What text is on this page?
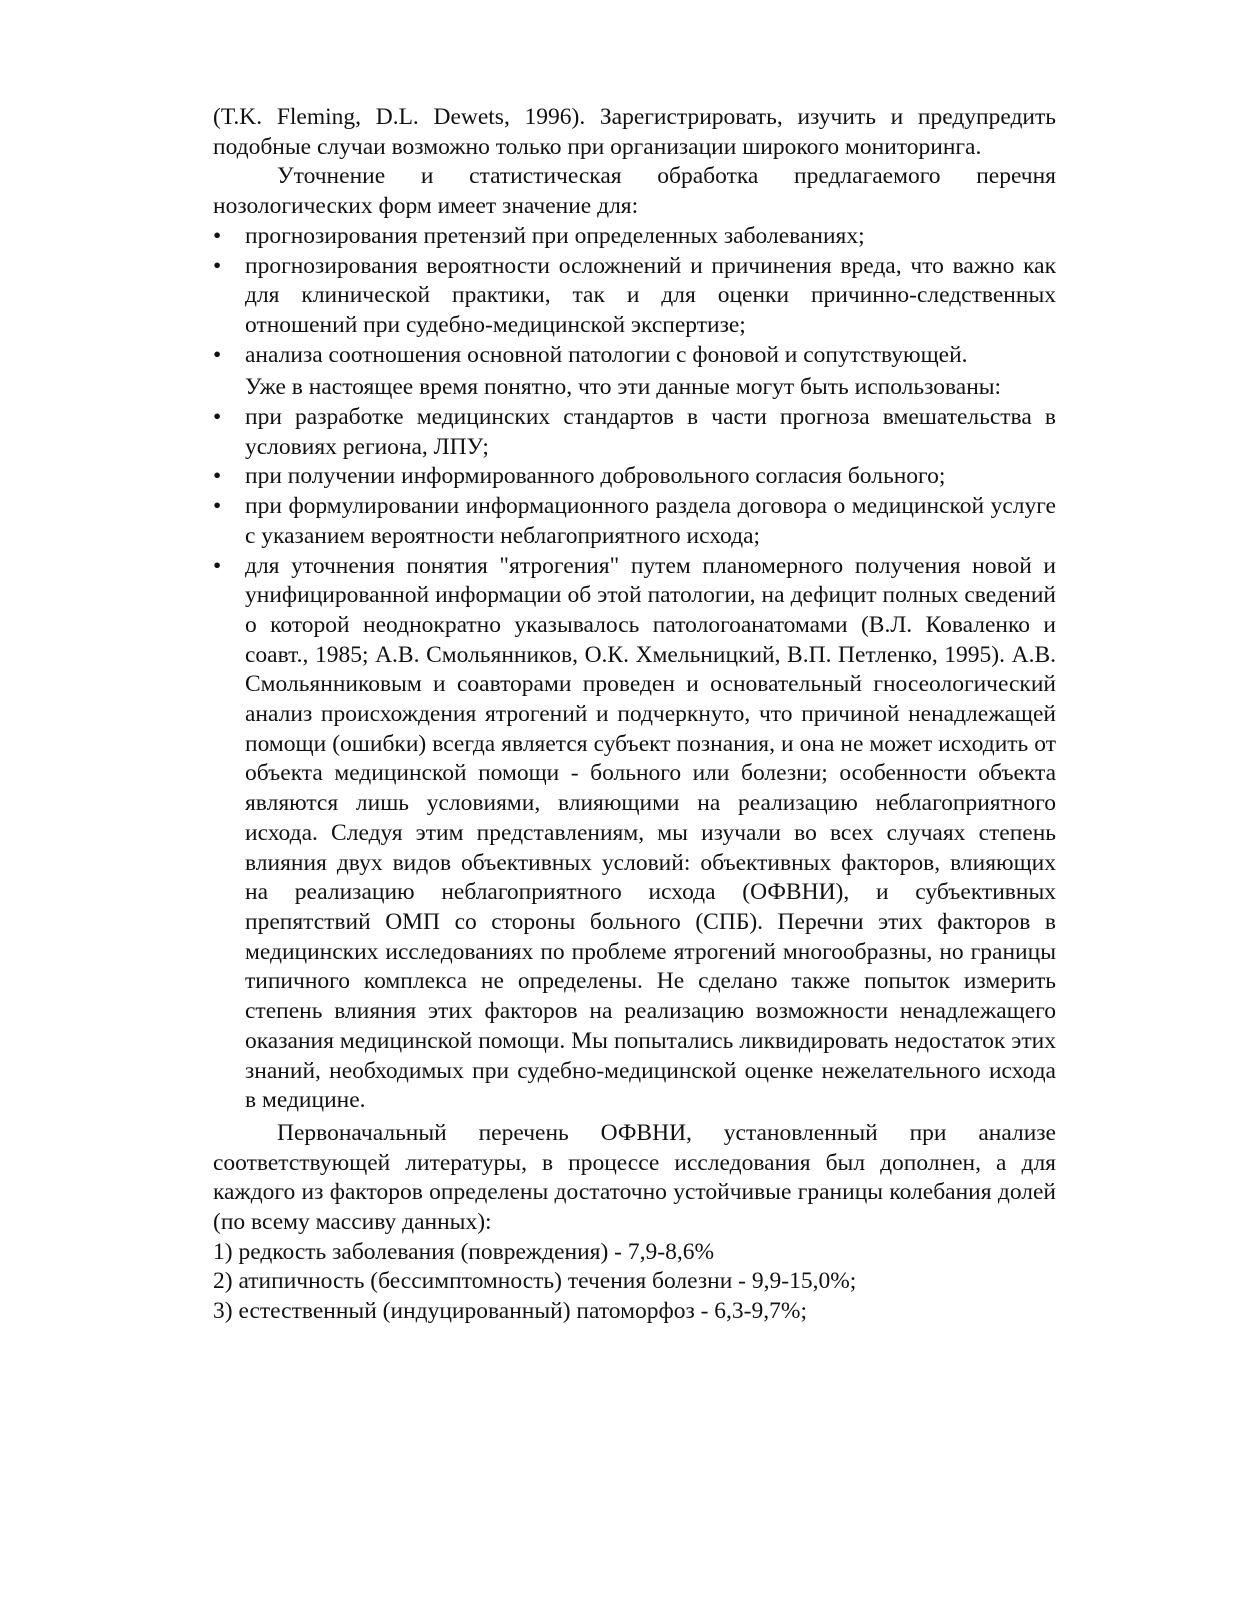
(T.K. Fleming, D.L. Dewets, 1996). Зарегистрировать, изучить и предупредить подобные случаи возможно только при организации широкого мониторинга.

Уточнение и статистическая обработка предлагаемого перечня нозологических форм имеет значение для:

•	прогнозирования претензий при определенных заболеваниях;
•	прогнозирования вероятности осложнений и причинения вреда, что важно как для клинической практики, так и для оценки причинно-следственных отношений при судебно-медицинской экспертизе;
•	анализа соотношения основной патологии с фоновой и сопутствующей.

Уже в настоящее время понятно, что эти данные могут быть использованы:

•	при разработке медицинских стандартов в части прогноза вмешательства в условиях региона, ЛПУ;
•	при получении информированного добровольного согласия больного;
•	при формулировании информационного раздела договора о медицинской услуге с указанием вероятности неблагоприятного исхода;
•	для уточнения понятия "ятрогения" путем планомерного получения новой и унифицированной информации об этой патологии, на дефицит полных сведений о которой неоднократно указывалось патологоанатомами (В.Л. Коваленко и соавт., 1985; А.В. Смольянников, О.К. Хмельницкий, В.П. Петленко, 1995). А.В. Смольянниковым и соавторами проведен и основательный гносеологический анализ происхождения ятрогений и подчеркнуто, что причиной ненадлежащей помощи (ошибки) всегда является субъект познания, и она не может исходить от объекта медицинской помощи - больного или болезни; особенности объекта являются лишь условиями, влияющими на реализацию неблагоприятного исхода. Следуя этим представлениям, мы изучали во всех случаях степень влияния двух видов объективных условий: объективных факторов, влияющих на реализацию неблагоприятного исхода (ОФВНИ), и субъективных препятствий ОМП со стороны больного (СПБ). Перечни этих факторов в медицинских исследованиях по проблеме ятрогений многообразны, но границы типичного комплекса не определены. Не сделано также попыток измерить степень влияния этих факторов на реализацию возможности ненадлежащего оказания медицинской помощи. Мы попытались ликвидировать недостаток этих знаний, необходимых при судебно-медицинской оценке нежелательного исхода в медицине.

Первоначальный перечень ОФВНИ, установленный при анализе соответствующей литературы, в процессе исследования был дополнен, а для каждого из факторов определены достаточно устойчивые границы колебания долей (по всему массиву данных):

1) редкость заболевания (повреждения) - 7,9-8,6%
2) атипичность (бессимптомность) течения болезни - 9,9-15,0%;
3) естественный (индуцированный) патоморфоз - 6,3-9,7%;
